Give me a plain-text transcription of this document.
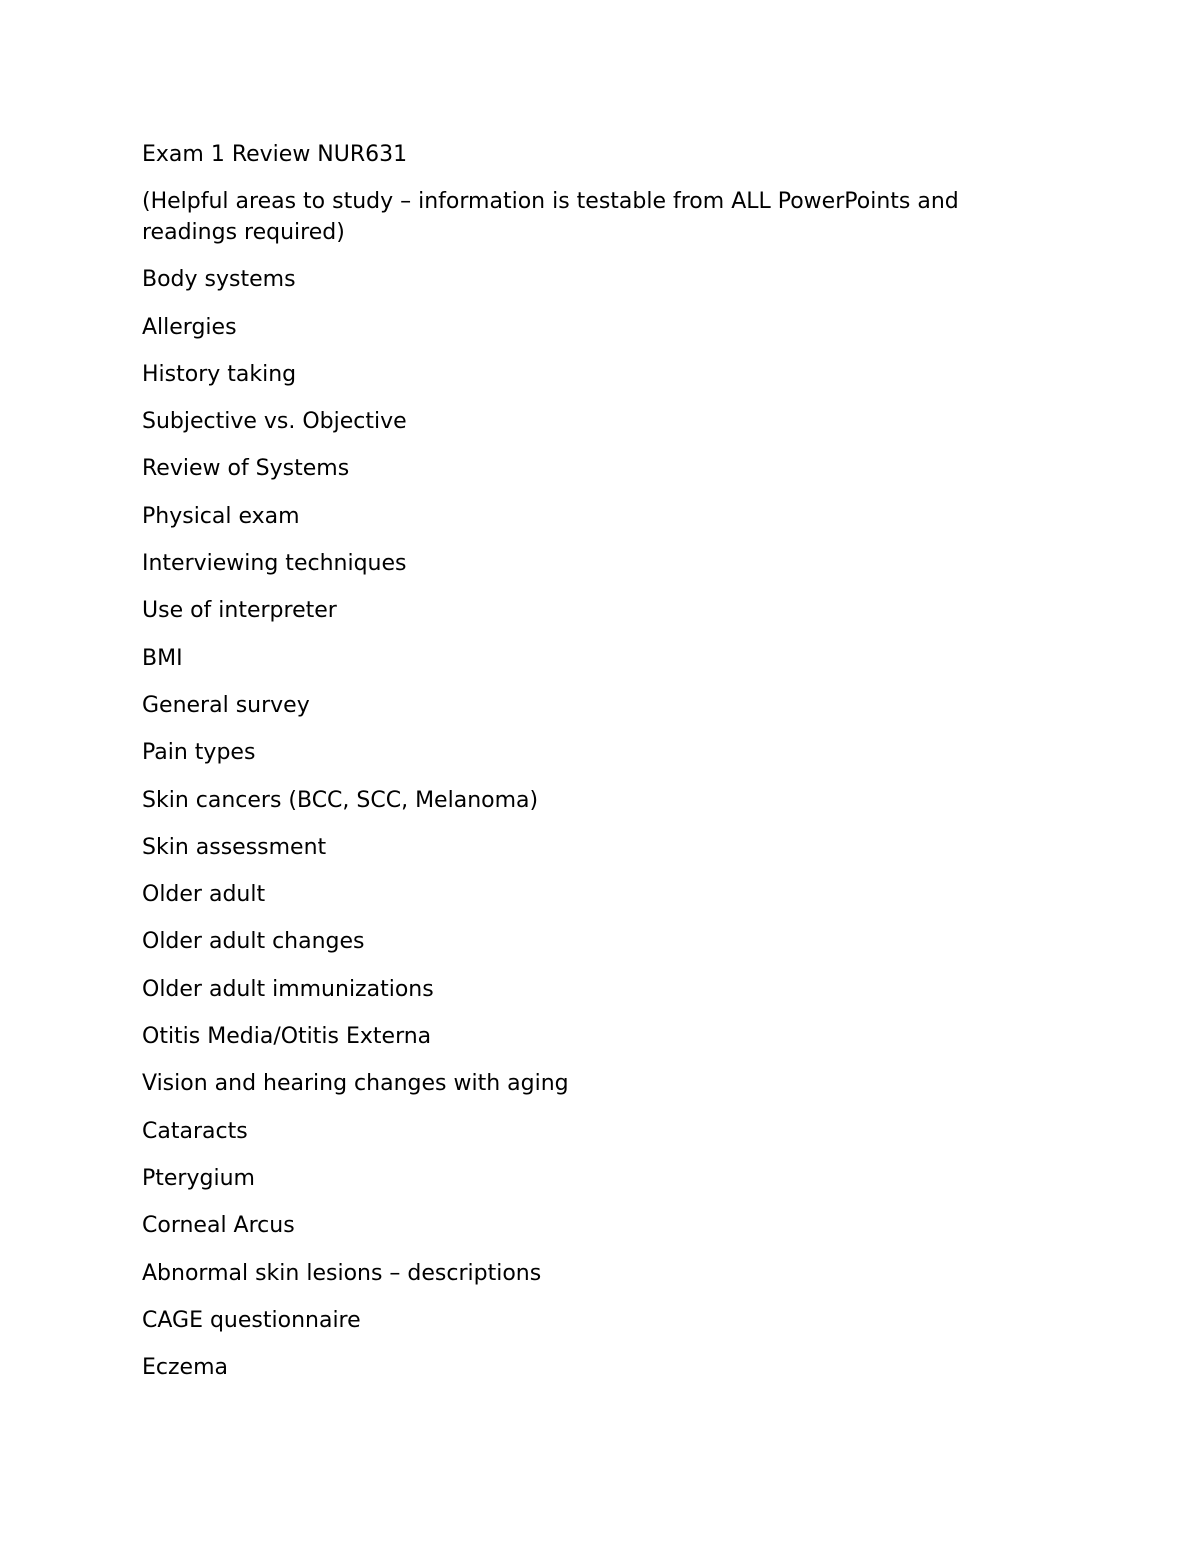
Exam 1 Review NUR631

(Helpful areas to study – information is testable from ALL PowerPoints and readings required)

Body systems

Allergies

History taking

Subjective vs. Objective

Review of Systems

Physical exam

Interviewing techniques

Use of interpreter

BMI

General survey

Pain types

Skin cancers (BCC, SCC, Melanoma)

Skin assessment

Older adult

Older adult changes

Older adult immunizations

Otitis Media/Otitis Externa

Vision and hearing changes with aging

Cataracts

Pterygium

Corneal Arcus

Abnormal skin lesions – descriptions

CAGE questionnaire

Eczema
